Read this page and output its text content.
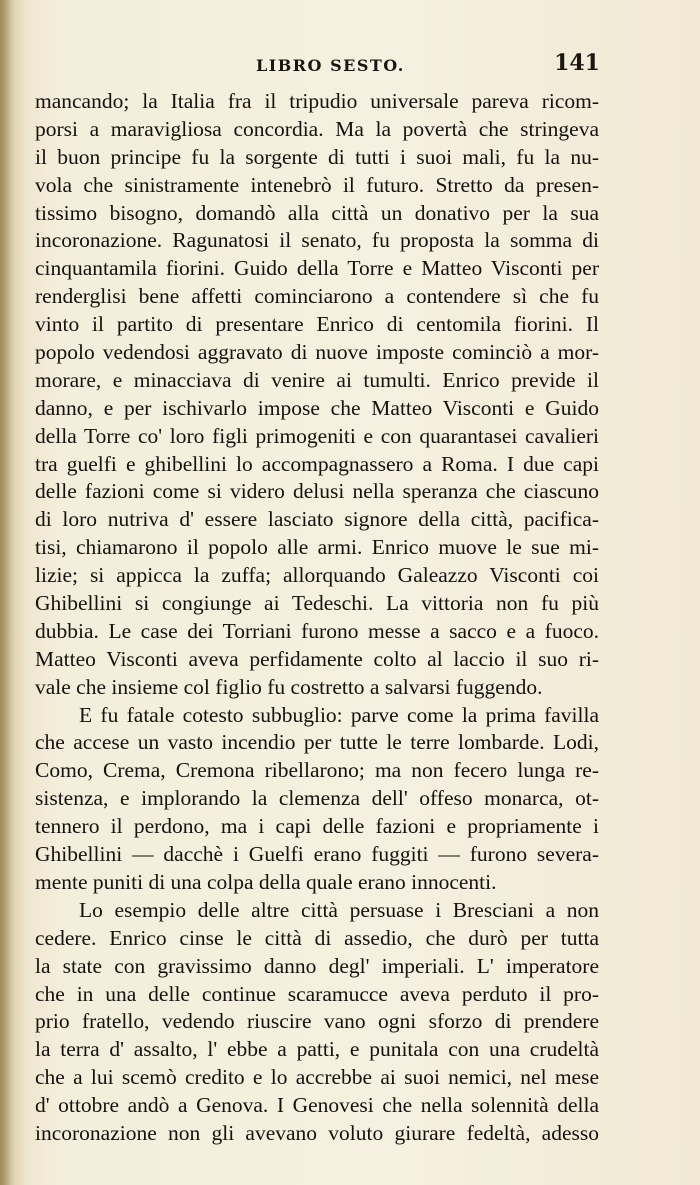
LIBRO SESTO.	141
mancando; la Italia fra il tripudio universale pareva ricom-
porsi a maravigliosa concordia. Ma la povertà che stringeva
il buon principe fu la sorgente di tutti i suoi mali, fu la nu-
vola che sinistramente intenebrò il futuro. Stretto da presen-
tissimo bisogno, domandò alla città un donativo per la sua
incoronazione. Ragunatosi il senato, fu proposta la somma di
cinquantamila fiorini. Guido della Torre e Matteo Visconti per
renderglisi bene affetti cominciarono a contendere sì che fu
vinto il partito di presentare Enrico di centomila fiorini. Il
popolo vedendosi aggravato di nuove imposte cominciò a mor-
morare, e minacciava di venire ai tumulti. Enrico previde il
danno, e per ischivarlo impose che Matteo Visconti e Guido
della Torre co' loro figli primogeniti e con quarantasei cavalieri
tra guelfi e ghibellini lo accompagnassero a Roma. I due capi
delle fazioni come si videro delusi nella speranza che ciascuno
di loro nutriva d' essere lasciato signore della città, pacifica-
tisi, chiamarono il popolo alle armi. Enrico muove le sue mi-
lizie; si appicca la zuffa; allorquando Galeazzo Visconti coi
Ghibellini si congiunge ai Tedeschi. La vittoria non fu più
dubbia. Le case dei Torriani furono messe a sacco e a fuoco.
Matteo Visconti aveva perfidamente colto al laccio il suo ri-
vale che insieme col figlio fu costretto a salvarsi fuggendo.
E fu fatale cotesto subbuglio: parve come la prima favilla
che accese un vasto incendio per tutte le terre lombarde. Lodi,
Como, Crema, Cremona ribellarono; ma non fecero lunga re-
sistenza, e implorando la clemenza dell' offeso monarca, ot-
tennero il perdono, ma i capi delle fazioni e propriamente i
Ghibellini — dacchè i Guelfi erano fuggiti — furono severa-
mente puniti di una colpa della quale erano innocenti.
Lo esempio delle altre città persuase i Bresciani a non
cedere. Enrico cinse le città di assedio, che durò per tutta
la state con gravissimo danno degl' imperiali. L' imperatore
che in una delle continue scaramucce aveva perduto il pro-
prio fratello, vedendo riuscire vano ogni sforzo di prendere
la terra d' assalto, l' ebbe a patti, e punitala con una crudeltà
che a lui scemò credito e lo accrebbe ai suoi nemici, nel mese
d' ottobre andò a Genova. I Genovesi che nella solennità della
incoronazione non gli avevano voluto giurare fedeltà, adesso
